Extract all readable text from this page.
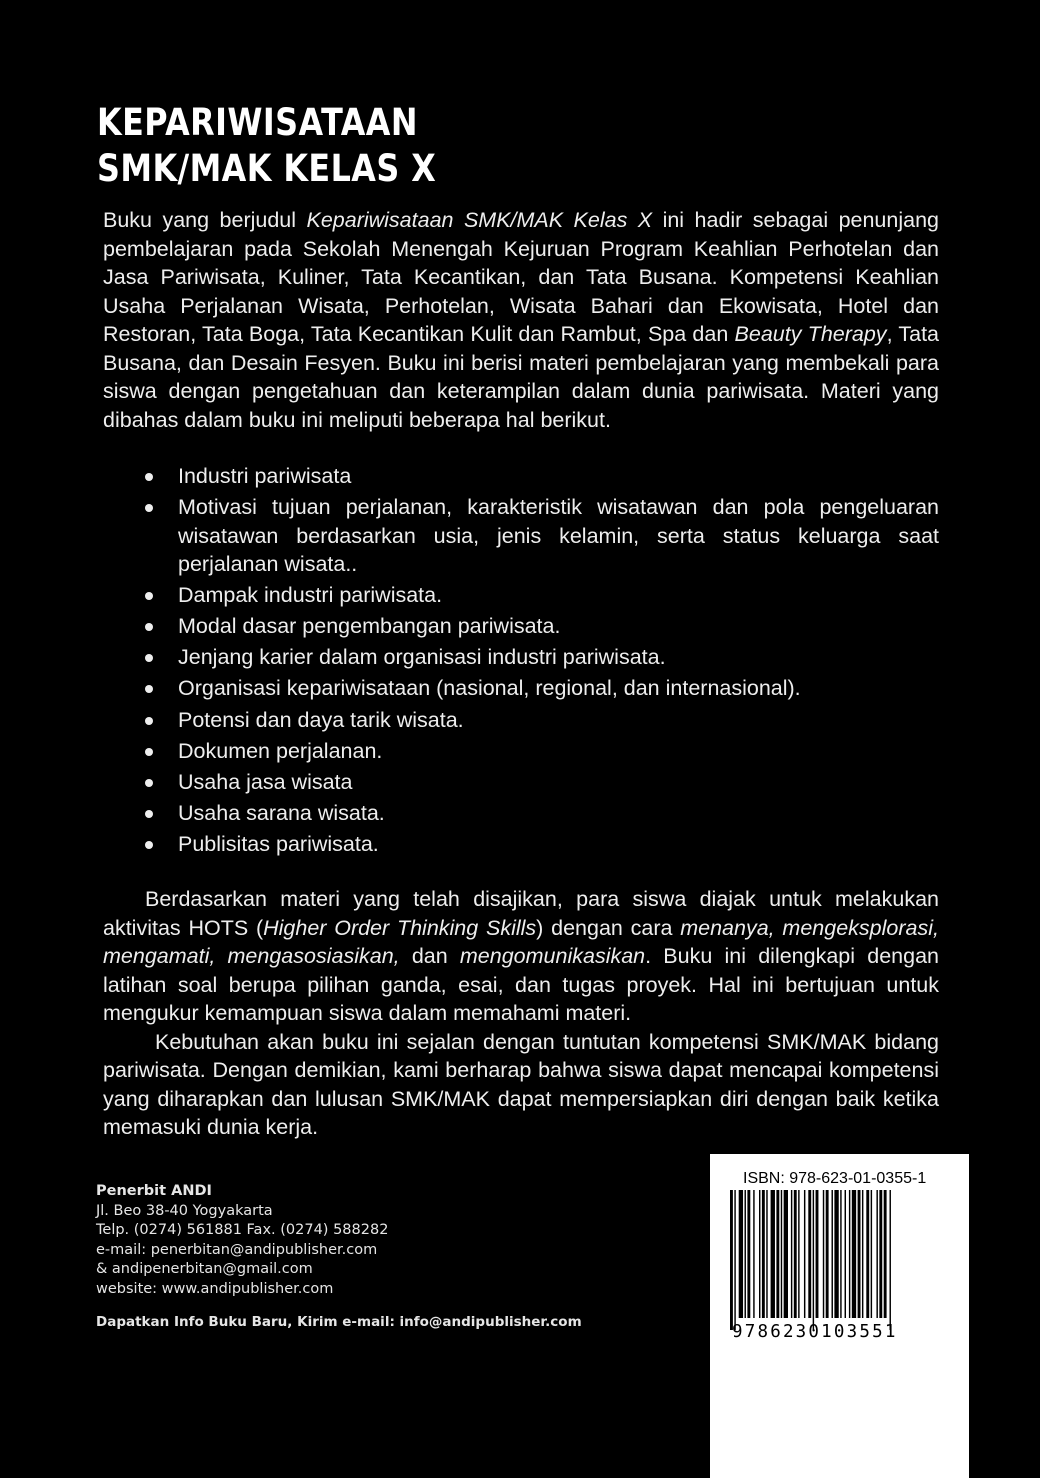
KEPARIWISATAAN
SMK/MAK KELAS X

Buku yang berjudul Kepariwisataan SMK/MAK Kelas X ini hadir sebagai penunjang pembelajaran pada Sekolah Menengah Kejuruan Program Keahlian Perhotelan dan Jasa Pariwisata, Kuliner, Tata Kecantikan, dan Tata Busana. Kompetensi Keahlian Usaha Perjalanan Wisata, Perhotelan, Wisata Bahari dan Ekowisata, Hotel dan Restoran, Tata Boga, Tata Kecantikan Kulit dan Rambut, Spa dan Beauty Therapy, Tata Busana, dan Desain Fesyen. Buku ini berisi materi pembelajaran yang membekali para siswa dengan pengetahuan dan keterampilan dalam dunia pariwisata. Materi yang dibahas dalam buku ini meliputi beberapa hal berikut.

Industri pariwisata
Motivasi tujuan perjalanan, karakteristik wisatawan dan pola pengeluaran wisatawan berdasarkan usia, jenis kelamin, serta status keluarga saat perjalanan wisata..
Dampak industri pariwisata.
Modal dasar pengembangan pariwisata.
Jenjang karier dalam organisasi industri pariwisata.
Organisasi kepariwisataan (nasional, regional, dan internasional).
Potensi dan daya tarik wisata.
Dokumen perjalanan.
Usaha jasa wisata
Usaha sarana wisata.
Publisitas pariwisata.

Berdasarkan materi yang telah disajikan, para siswa diajak untuk melakukan aktivitas HOTS (Higher Order Thinking Skills) dengan cara menanya, mengeksplorasi, mengamati, mengasosiasikan, dan mengomunikasikan. Buku ini dilengkapi dengan latihan soal berupa pilihan ganda, esai, dan tugas proyek. Hal ini bertujuan untuk mengukur kemampuan siswa dalam memahami materi.

Kebutuhan akan buku ini sejalan dengan tuntutan kompetensi SMK/MAK bidang pariwisata. Dengan demikian, kami berharap bahwa siswa dapat mencapai kompetensi yang diharapkan dan lulusan SMK/MAK dapat mempersiapkan diri dengan baik ketika memasuki dunia kerja.

Penerbit ANDI
Jl. Beo 38-40 Yogyakarta
Telp. (0274) 561881 Fax. (0274) 588282
e-mail: penerbitan@andipublisher.com
& andipenerbitan@gmail.com
website: www.andipublisher.com
Dapatkan Info Buku Baru, Kirim e-mail: info@andipublisher.com
ISBN: 978-623-01-0355-1
9786230103551
